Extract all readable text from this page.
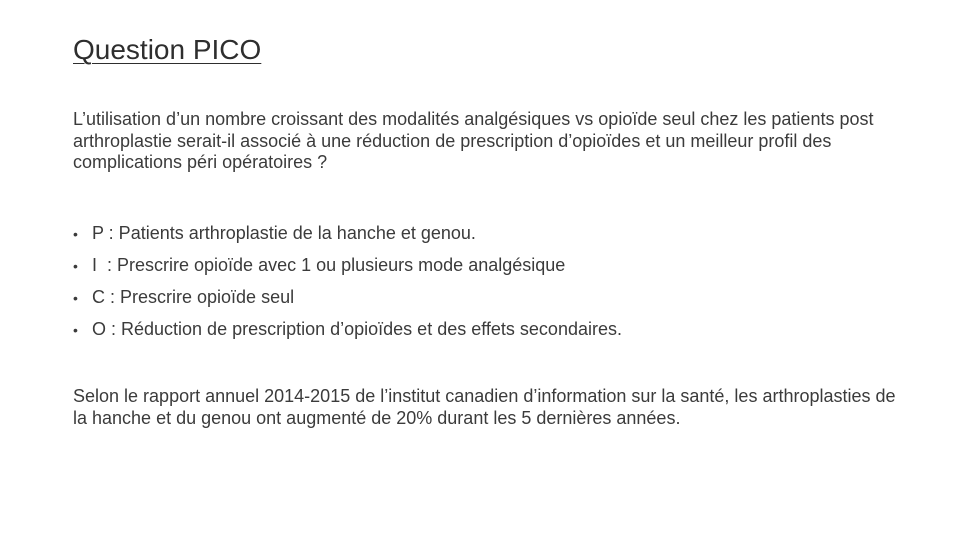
Question PICO

L’utilisation d’un nombre croissant des modalités analgésiques vs opioïde seul chez les patients post arthroplastie serait-il associé à une réduction de prescription d’opioïdes et un meilleur profil des complications péri opératoires ?

• P : Patients arthroplastie de la hanche et genou.
• I  : Prescrire opioïde avec 1 ou plusieurs mode analgésique
• C : Prescrire opioïde seul
• O : Réduction de prescription d’opioïdes et des effets secondaires.

Selon le rapport annuel 2014-2015 de l’institut canadien d’information sur la santé, les arthroplasties de la hanche et du genou ont augmenté de 20% durant les 5 dernières années.
